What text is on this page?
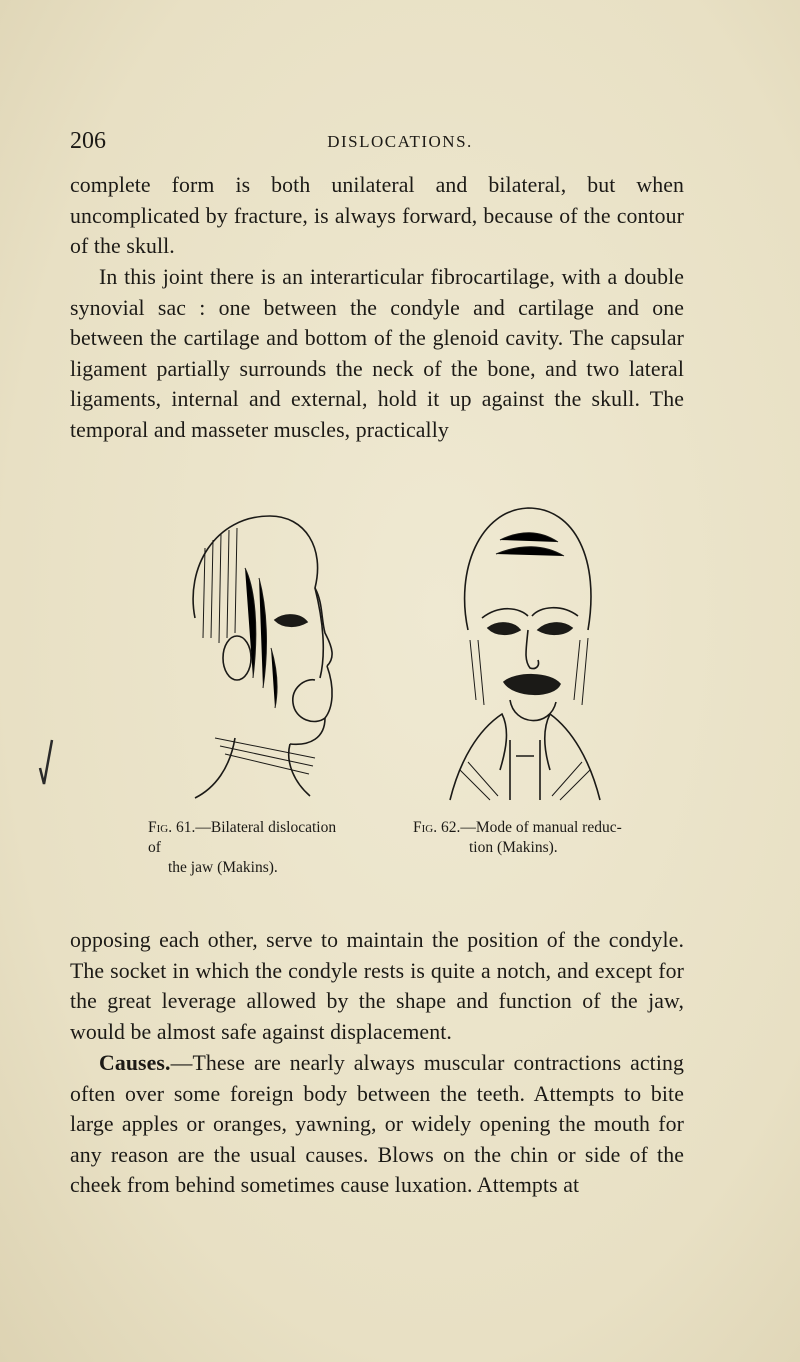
206	DISLOCATIONS.

complete form is both unilateral and bilateral, but when uncomplicated by fracture, is always forward, because of the contour of the skull.

In this joint there is an interarticular fibrocartilage, with a double synovial sac : one between the condyle and cartilage and one between the cartilage and bottom of the glenoid cavity. The capsular ligament partially surrounds the neck of the bone, and two lateral ligaments, internal and external, hold it up against the skull. The temporal and masseter muscles, practically

Fig. 61.—Bilateral dislocation of
the jaw (Makins).
Fig. 62.—Mode of manual reduc-
tion (Makins).

opposing each other, serve to maintain the position of the condyle. The socket in which the condyle rests is quite a notch, and except for the great leverage allowed by the shape and function of the jaw, would be almost safe against displacement.

Causes.—These are nearly always muscular contractions acting often over some foreign body between the teeth. Attempts to bite large apples or oranges, yawning, or widely opening the mouth for any reason are the usual causes. Blows on the chin or side of the cheek from behind sometimes cause luxation. Attempts at
